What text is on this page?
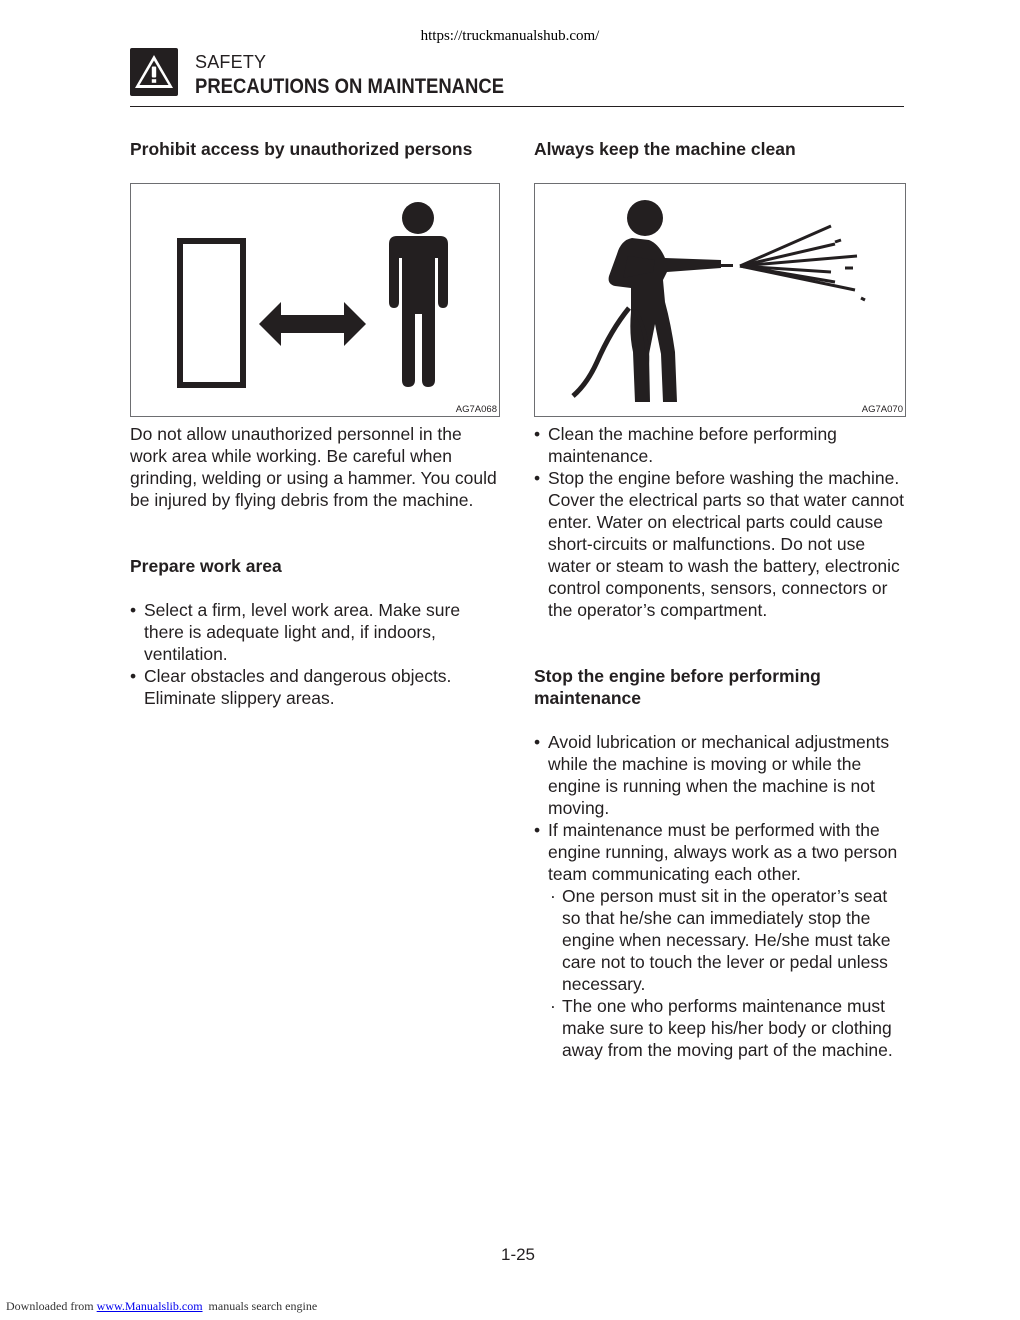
https://truckmanualshub.com/
SAFETY
PRECAUTIONS ON MAINTENANCE
Prohibit access by unauthorized persons
AG7A068

Do not allow unauthorized personnel in the work area while working. Be careful when grinding, welding or using a hammer. You could be injured by flying debris from the machine.

Prepare work area
• Select a firm, level work area. Make sure there is adequate light and, if indoors, ventilation.
• Clear obstacles and dangerous objects. Eliminate slippery areas.
Always keep the machine clean
AG7A070
• Clean the machine before performing maintenance.
• Stop the engine before washing the machine. Cover the electrical parts so that water cannot enter. Water on electrical parts could cause short-circuits or malfunctions. Do not use water or steam to wash the battery, electronic control components, sensors, connectors or the operator’s compartment.
Stop the engine before performing maintenance
• Avoid lubrication or mechanical adjustments while the machine is moving or while the engine is running when the machine is not moving.
• If maintenance must be performed with the engine running, always work as a two person team communicating each other.
· One person must sit in the operator’s seat so that he/she can immediately stop the engine when necessary. He/she must take care not to touch the lever or pedal unless necessary.
· The one who performs maintenance must make sure to keep his/her body or clothing away from the moving part of the machine.
1-25
Downloaded from www.Manualslib.com  manuals search engine
